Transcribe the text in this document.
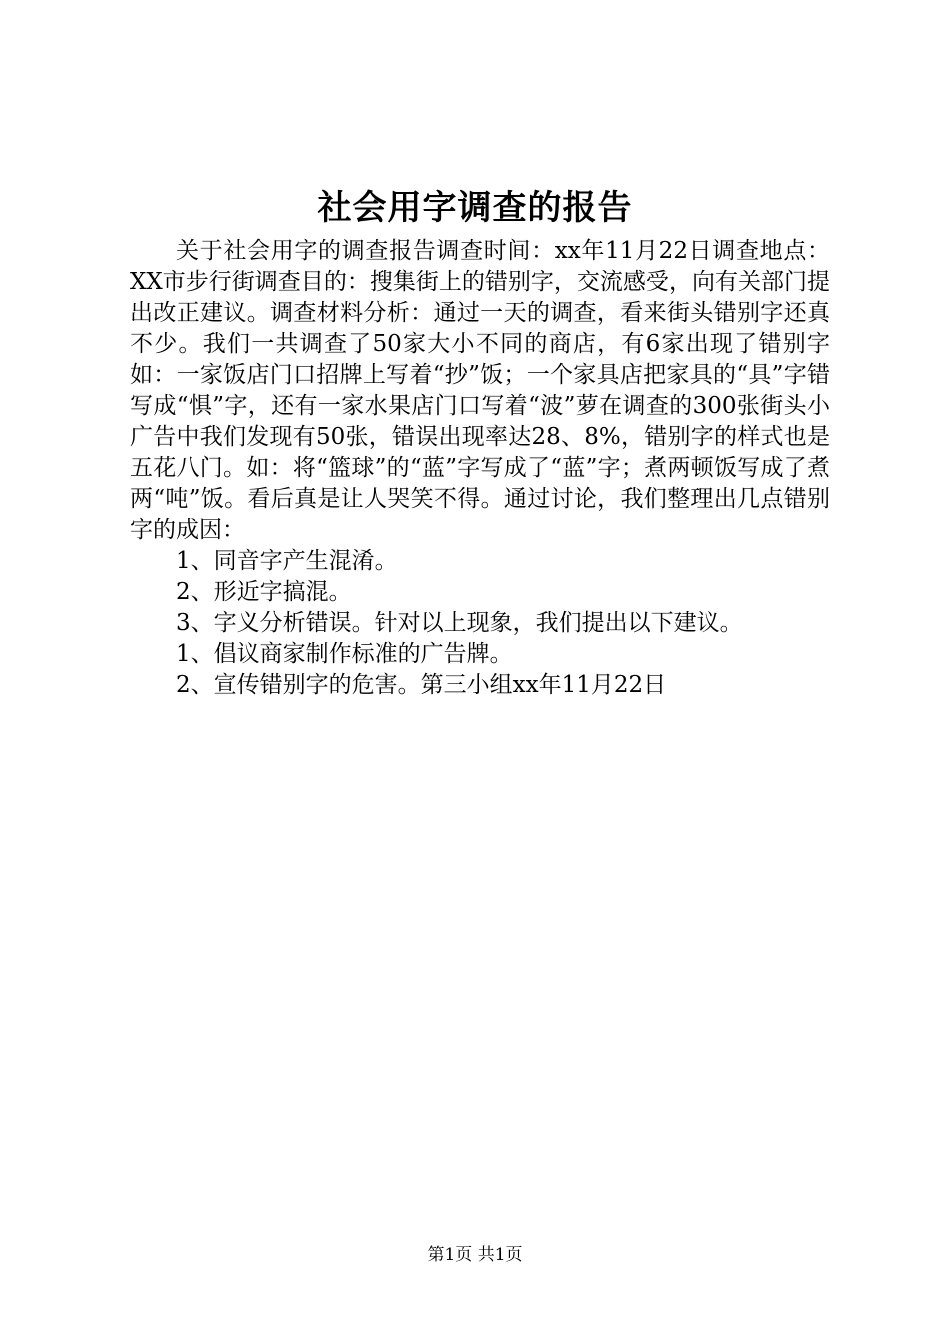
社会用字调查的报告

关于社会用字的调查报告调查时间：xx年11月22日调查地点：XX市步行街调查目的：搜集街上的错别字，交流感受，向有关部门提出改正建议。调查材料分析：通过一天的调查，看来街头错别字还真不少。我们一共调查了50家大小不同的商店，有6家出现了错别字如：一家饭店门口招牌上写着“抄”饭；一个家具店把家具的“具”字错写成“惧”字，还有一家水果店门口写着“波”萝在调查的300张街头小广告中我们发现有50张，错误出现率达28、8%，错别字的样式也是五花八门。如：将“篮球”的“蓝”字写成了“蓝”字；煮两顿饭写成了煮两“吨”饭。看后真是让人哭笑不得。通过讨论，我们整理出几点错别字的成因：

1、同音字产生混淆。

2、形近字搞混。

3、字义分析错误。针对以上现象，我们提出以下建议。

1、倡议商家制作标准的广告牌。

2、宣传错别字的危害。第三小组xx年11月22日

第1页 共1页
